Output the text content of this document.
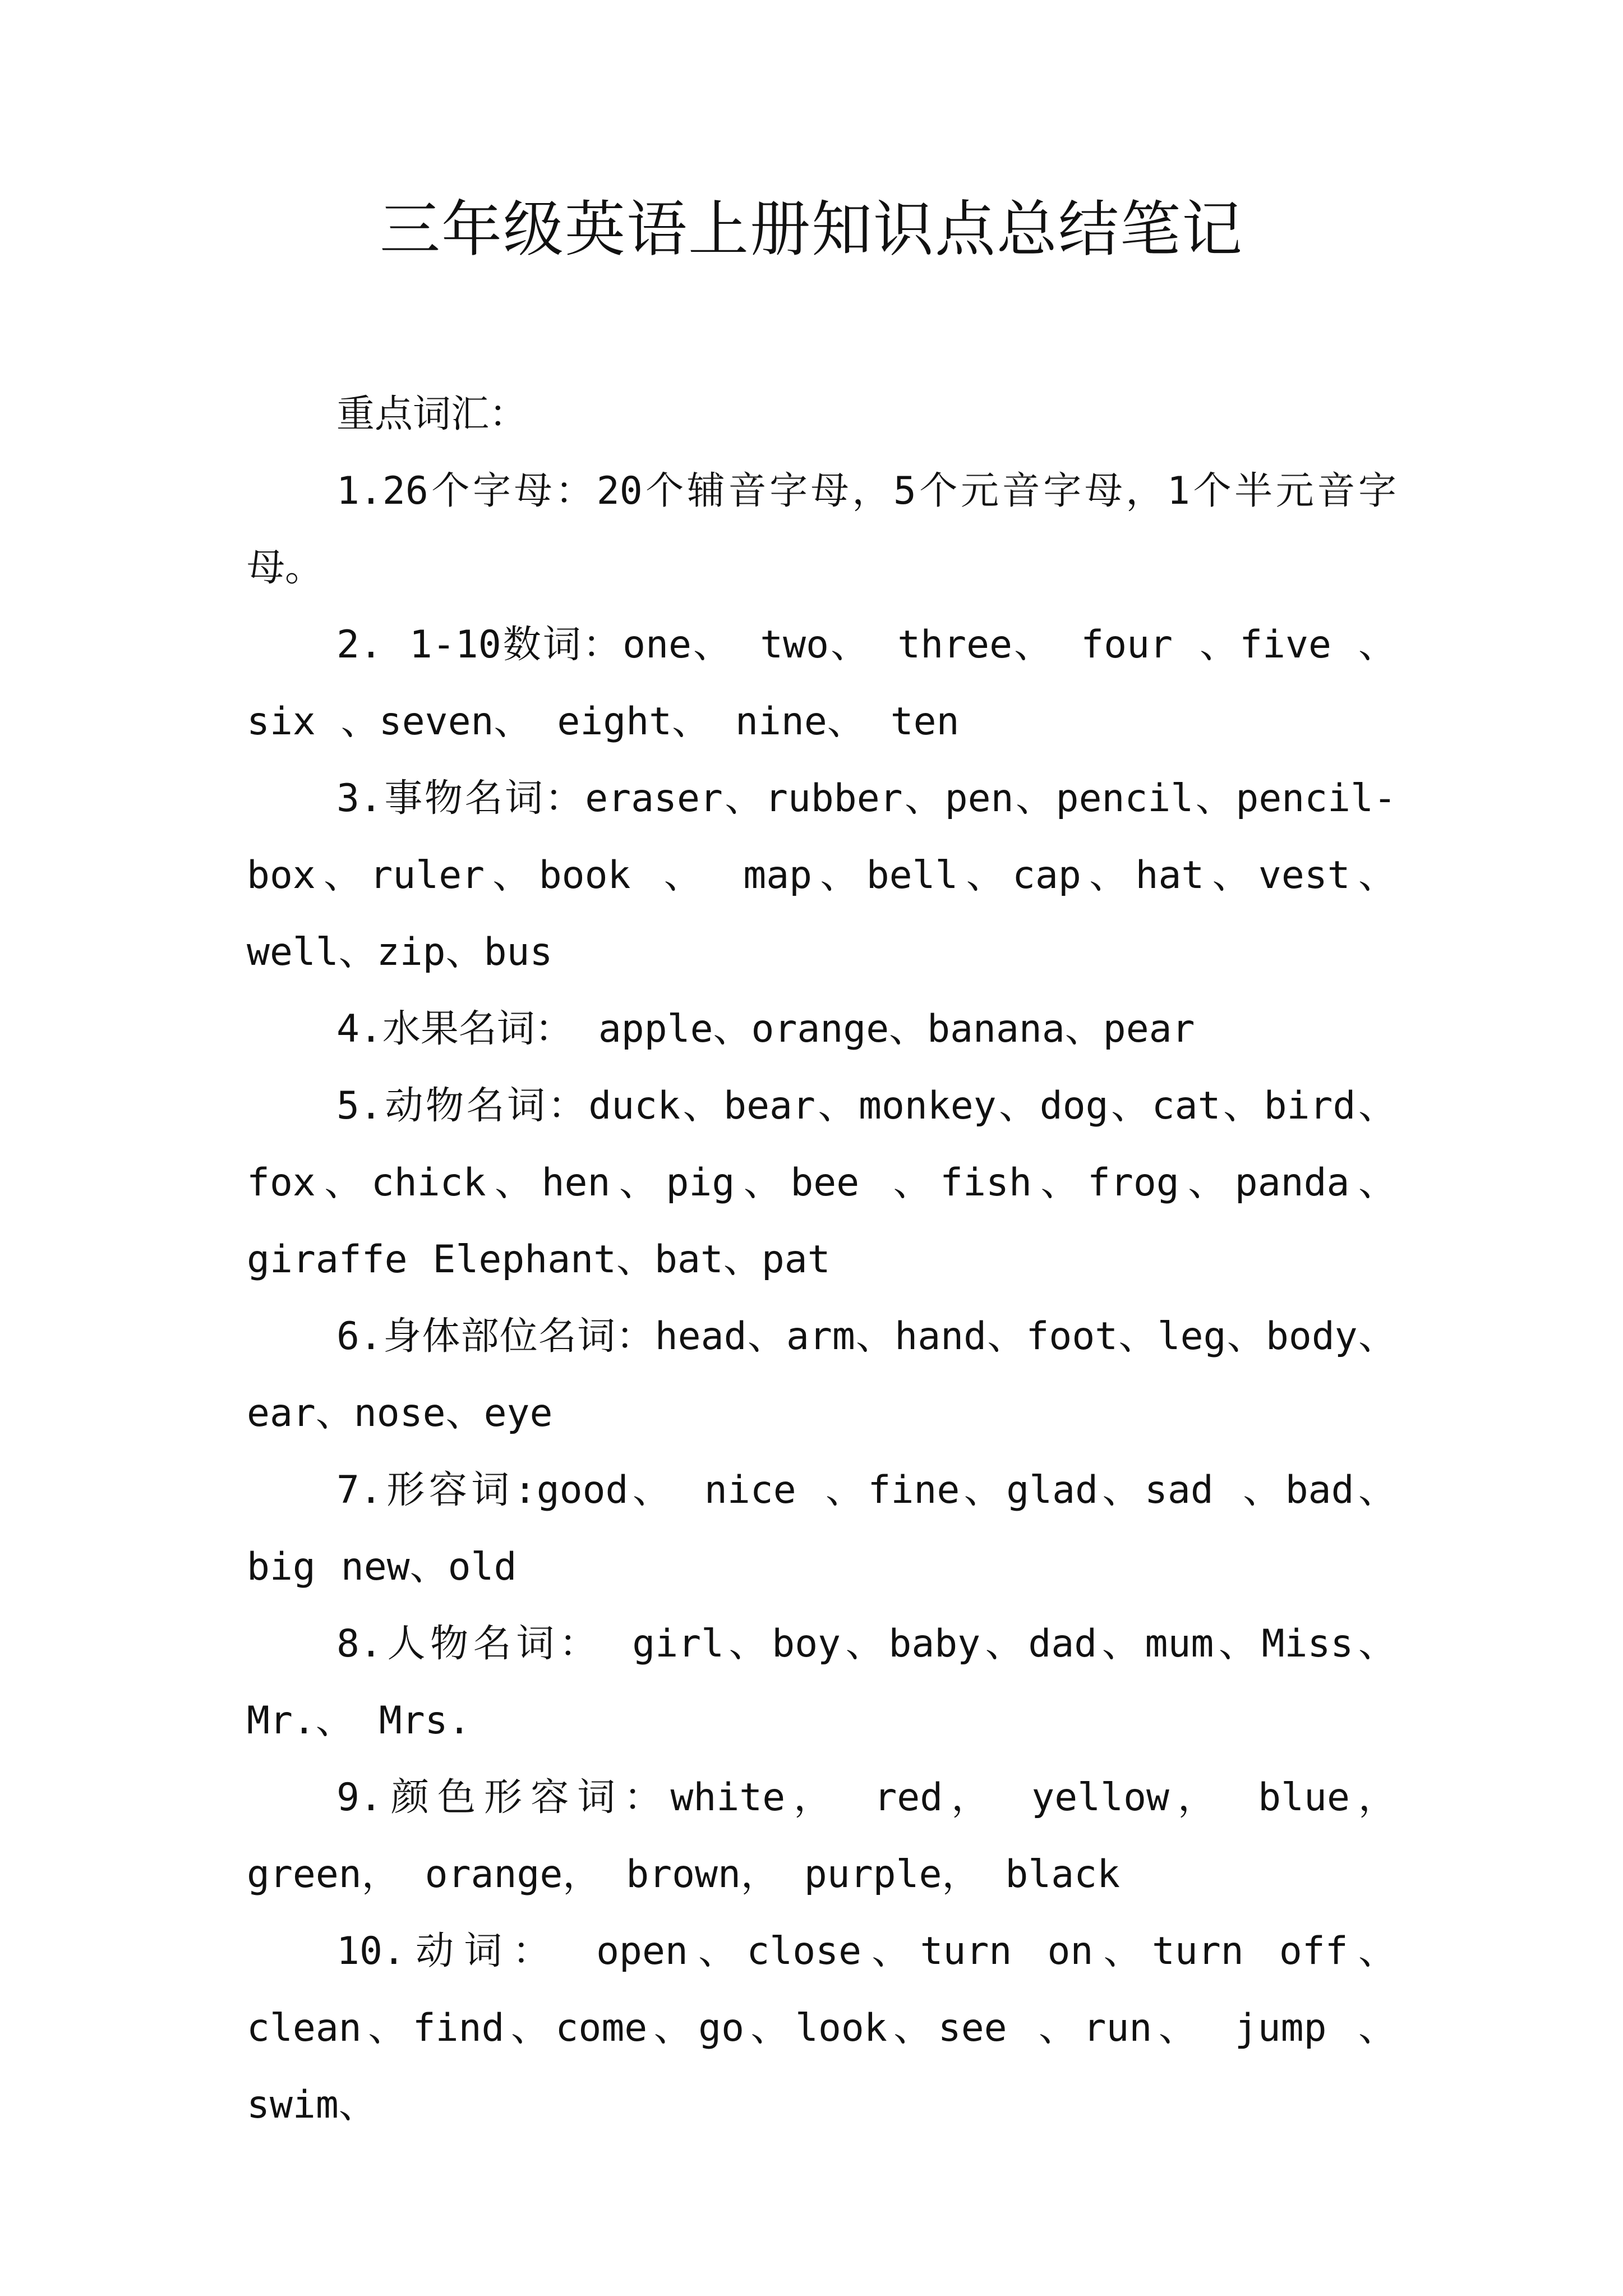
三年级英语上册知识点总结笔记

重点词汇：

1.26个字母：20个辅音字母，5个元音字母，1个半元音字母。

2. 1-10数词：one、 two、 three、 four 、five 、six 、seven、 eight、 nine、 ten

3.事物名词：eraser、rubber、pen、pencil、pencil-box、ruler、book 、 map、bell、cap、hat、vest、well、zip、bus

4.水果名词： apple、orange、banana、pear

5.动物名词：duck、bear、monkey、dog、cat、bird、fox、chick、hen、pig、bee 、fish、frog、panda、giraffe Elephant、bat、pat

6.身体部位名词：head、arm、hand、foot、leg、body、ear、nose、eye

7.形容词:good、 nice 、fine、glad、sad 、bad、big new、old

8.人物名词： girl、boy、baby、dad、mum、Miss、Mr.、 Mrs.

9.颜色形容词：white， red， yellow， blue，green， orange， brown， purple， black

10.动词： open、close、turn on、turn off、clean、find、come、go、look、see 、run、 jump 、swim、
